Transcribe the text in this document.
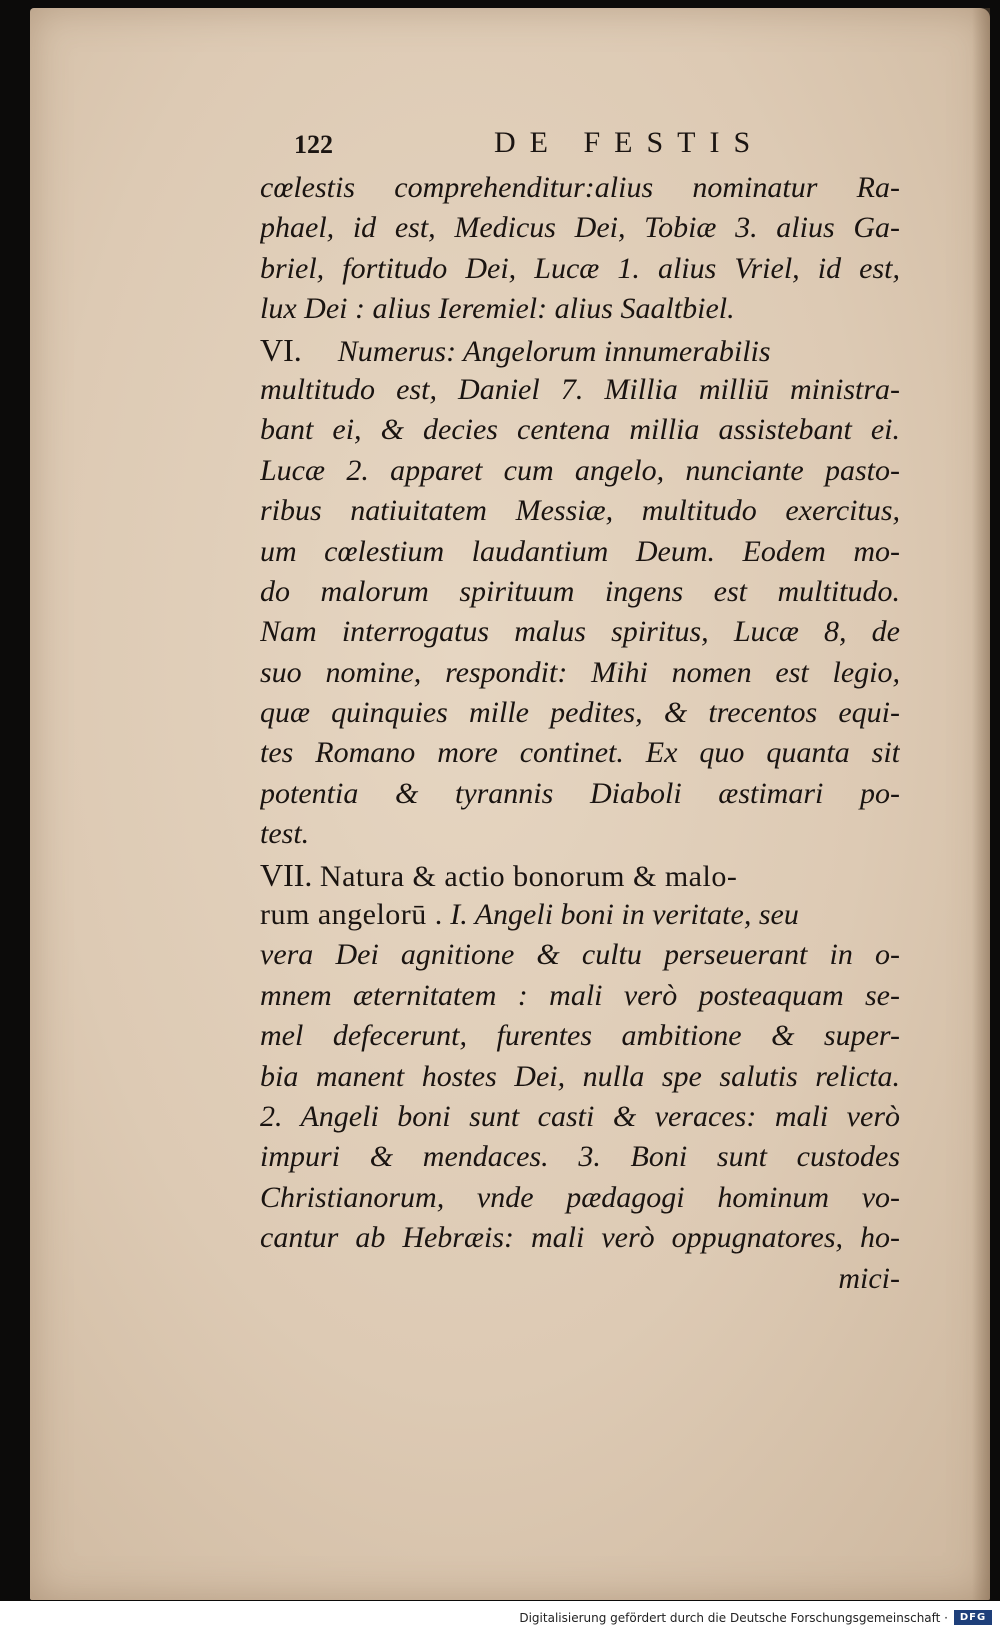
122	DE FESTIS
cœlestis comprehenditur:alius nominatur Ra-
phael, id est, Medicus Dei, Tobiæ 3. alius Ga-
briel, fortitudo Dei, Lucæ 1. alius Vriel, id est,
lux Dei : alius Ieremiel: alius Saaltbiel.
VI. Numerus: Angelorum innumerabilis
multitudo est, Daniel 7. Millia milliū ministra-
bant ei, & decies centena millia assistebant ei.
Lucæ 2. apparet cum angelo, nunciante pasto-
ribus natiuitatem Messiæ, multitudo exercitus,
um cœlestium laudantium Deum. Eodem mo-
do malorum spirituum ingens est multitudo.
Nam interrogatus malus spiritus, Lucæ 8, de
suo nomine, respondit: Mihi nomen est legio,
quæ quinquies mille pedites, & trecentos equi-
tes Romano more continet. Ex quo quanta sit
potentia & tyrannis Diaboli æstimari po-
test.
VII. Natura & actio bonorum & malo-
rum angelorū . I. Angeli boni in veritate, seu
vera Dei agnitione & cultu perseuerant in o-
mnem æternitatem : mali verò posteaquam se-
mel defecerunt, furentes ambitione & super-
bia manent hostes Dei, nulla spe salutis relicta.
2. Angeli boni sunt casti & veraces: mali verò
impuri & mendaces. 3. Boni sunt custodes
Christianorum, vnde pædagogi hominum vo-
cantur ab Hebræis: mali verò oppugnatores, ho-
mici-
Digitalisierung gefördert durch die Deutsche Forschungsgemeinschaft ·	DFG
